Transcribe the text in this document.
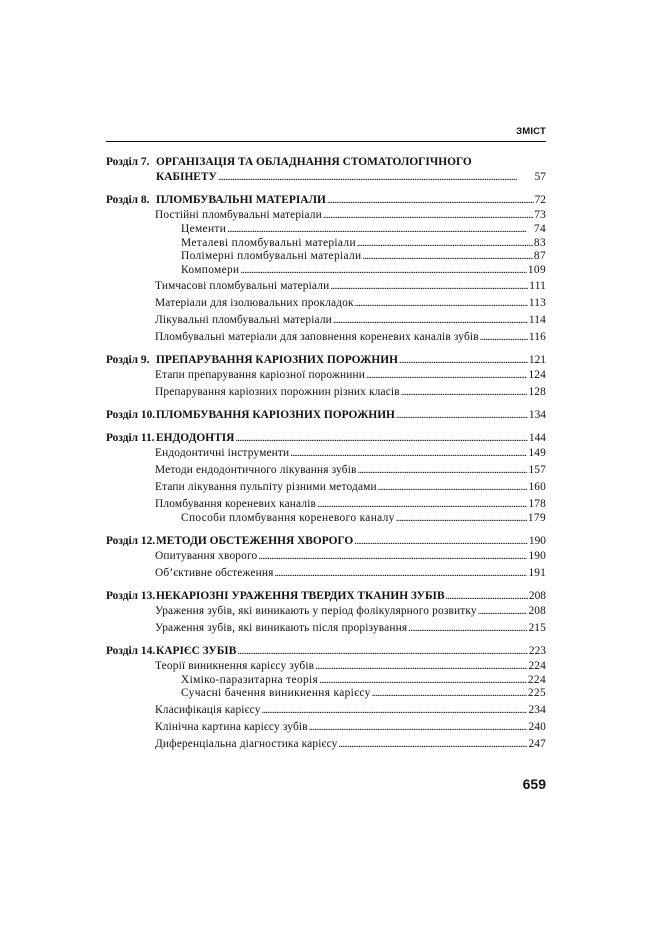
ЗМІСТ
Розділ 7. ОРГАНІЗАЦІЯ ТА ОБЛАДНАННЯ СТОМАТОЛОГІЧНОГО
КАБІНЕТУ . . .	57
Розділ 8. ПЛОМБУВАЛЬНІ МАТЕРІАЛИ . . .	72
Постійні пломбувальні матеріали . . .	73
Цементи . . .	74
Металеві пломбувальні матеріали . . .	83
Полімерні пломбувальні матеріали . . .	87
Компомери . . .	109
Тимчасові пломбувальні матеріали . . .	111
Матеріали для ізолювальних прокладок . . .	113
Лікувальні пломбувальні матеріали . . .	114
Пломбувальні матеріали для заповнення кореневих каналів зубів . . .	116
Розділ 9. ПРЕПАРУВАННЯ КАРІОЗНИХ ПОРОЖНИН . . .	121
Етапи препарування каріозної порожнини . . .	124
Препарування каріозних порожнин різних класів . . .	128
Розділ 10.ПЛОМБУВАННЯ КАРІОЗНИХ ПОРОЖНИН . . .	134
Розділ 11.ЕНДОДОНТІЯ . . .	144
Ендодонтичні інструменти . . .	149
Методи ендодонтичного лікування зубів . . .	157
Етапи лікування пульпіту різними методами . . .	160
Пломбування кореневих каналів . . .	178
Способи пломбування кореневого каналу . . .	179
Розділ 12.МЕТОДИ ОБСТЕЖЕННЯ ХВОРОГО . . .	190
Опитування хворого . . .	190
Об’єктивне обстеження . . .	191
Розділ 13.НЕКАРІОЗНІ УРАЖЕННЯ ТВЕРДИХ ТКАНИН ЗУБІВ . . .	208
Ураження зубів, які виникають у період фолікулярного розвитку . . .	208
Ураження зубів, які виникають після прорізування . . .	215
Розділ 14.КАРІЄС ЗУБІВ . . .	223
Теорії виникнення карієсу зубів . . .	224
Хіміко-паразитарна теорія . . .	224
Сучасні бачення виникнення карієсу . . .	225
Класифікація карієсу . . .	234
Клінічна картина карієсу зубів . . .	240
Диференціальна діагностика карієсу . . .	247
659
